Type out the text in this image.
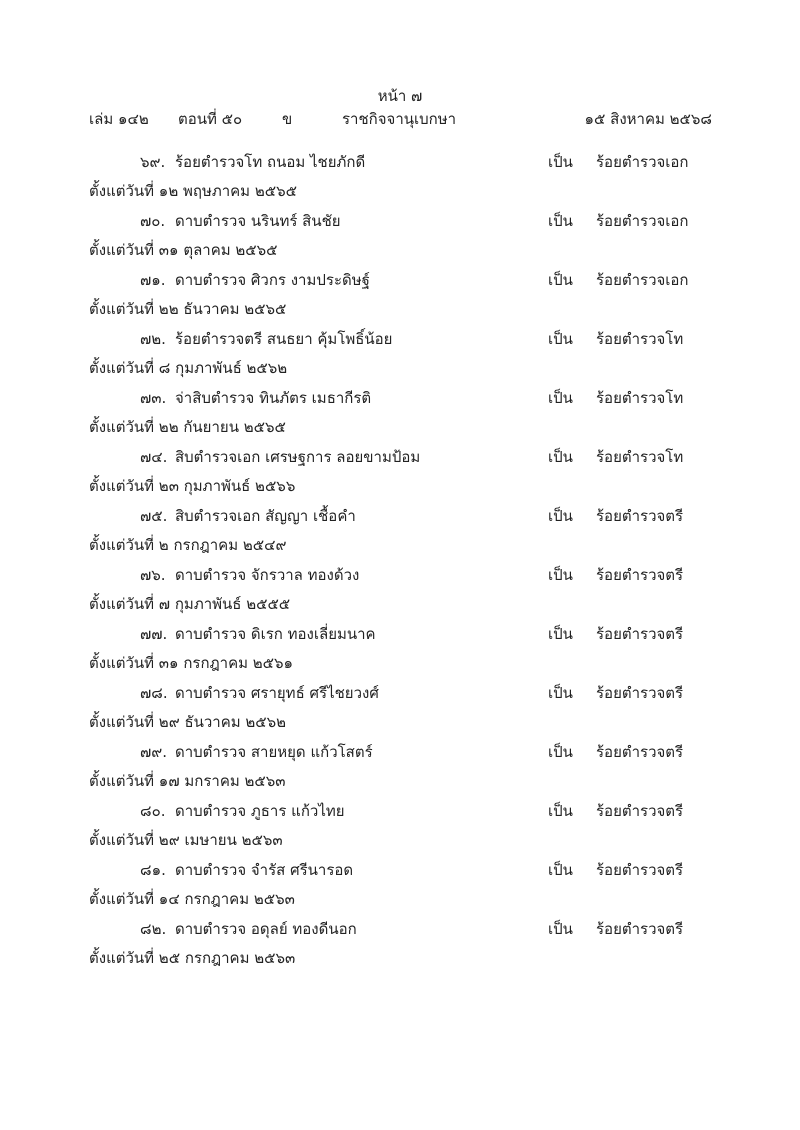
หน้า ๗
เล่ม ๑๔๒ ตอนที่ ๕๐	ข	ราชกิจจานุเบกษา	๑๕ สิงหาคม ๒๕๖๘
๖๙. ร้อยตำรวจโท ถนอม ไชยภักดี	เป็น ร้อยตำรวจเอก
ตั้งแต่วันที่ ๑๒ พฤษภาคม ๒๕๖๕
๗๐. ดาบตำรวจ นรินทร์ สินชัย	เป็น ร้อยตำรวจเอก
ตั้งแต่วันที่ ๓๑ ตุลาคม ๒๕๖๕
๗๑. ดาบตำรวจ ศิวกร งามประดิษฐ์	เป็น ร้อยตำรวจเอก
ตั้งแต่วันที่ ๒๒ ธันวาคม ๒๕๖๕
๗๒. ร้อยตำรวจตรี สนธยา คุ้มโพธิ์น้อย	เป็น ร้อยตำรวจโท
ตั้งแต่วันที่ ๘ กุมภาพันธ์ ๒๕๖๒
๗๓. จ่าสิบตำรวจ ทินภัตร เมธากีรติ	เป็น ร้อยตำรวจโท
ตั้งแต่วันที่ ๒๒ กันยายน ๒๕๖๕
๗๔. สิบตำรวจเอก เศรษฐการ ลอยขามป้อม	เป็น ร้อยตำรวจโท
ตั้งแต่วันที่ ๒๓ กุมภาพันธ์ ๒๕๖๖
๗๕. สิบตำรวจเอก สัญญา เชื้อคำ	เป็น ร้อยตำรวจตรี
ตั้งแต่วันที่ ๒ กรกฎาคม ๒๕๔๙
๗๖. ดาบตำรวจ จักรวาล ทองด้วง	เป็น ร้อยตำรวจตรี
ตั้งแต่วันที่ ๗ กุมภาพันธ์ ๒๕๕๕
๗๗. ดาบตำรวจ ดิเรก ทองเลี่ยมนาค	เป็น ร้อยตำรวจตรี
ตั้งแต่วันที่ ๓๑ กรกฎาคม ๒๕๖๑
๗๘. ดาบตำรวจ ศรายุทธ์ ศรีไชยวงศ์	เป็น ร้อยตำรวจตรี
ตั้งแต่วันที่ ๒๙ ธันวาคม ๒๕๖๒
๗๙. ดาบตำรวจ สายหยุด แก้วโสตร์	เป็น ร้อยตำรวจตรี
ตั้งแต่วันที่ ๑๗ มกราคม ๒๕๖๓
๘๐. ดาบตำรวจ ภูธาร แก้วไทย	เป็น ร้อยตำรวจตรี
ตั้งแต่วันที่ ๒๙ เมษายน ๒๕๖๓
๘๑. ดาบตำรวจ จำรัส ศรีนารอด	เป็น ร้อยตำรวจตรี
ตั้งแต่วันที่ ๑๔ กรกฎาคม ๒๕๖๓
๘๒. ดาบตำรวจ อดุลย์ ทองดีนอก	เป็น ร้อยตำรวจตรี
ตั้งแต่วันที่ ๒๕ กรกฎาคม ๒๕๖๓
